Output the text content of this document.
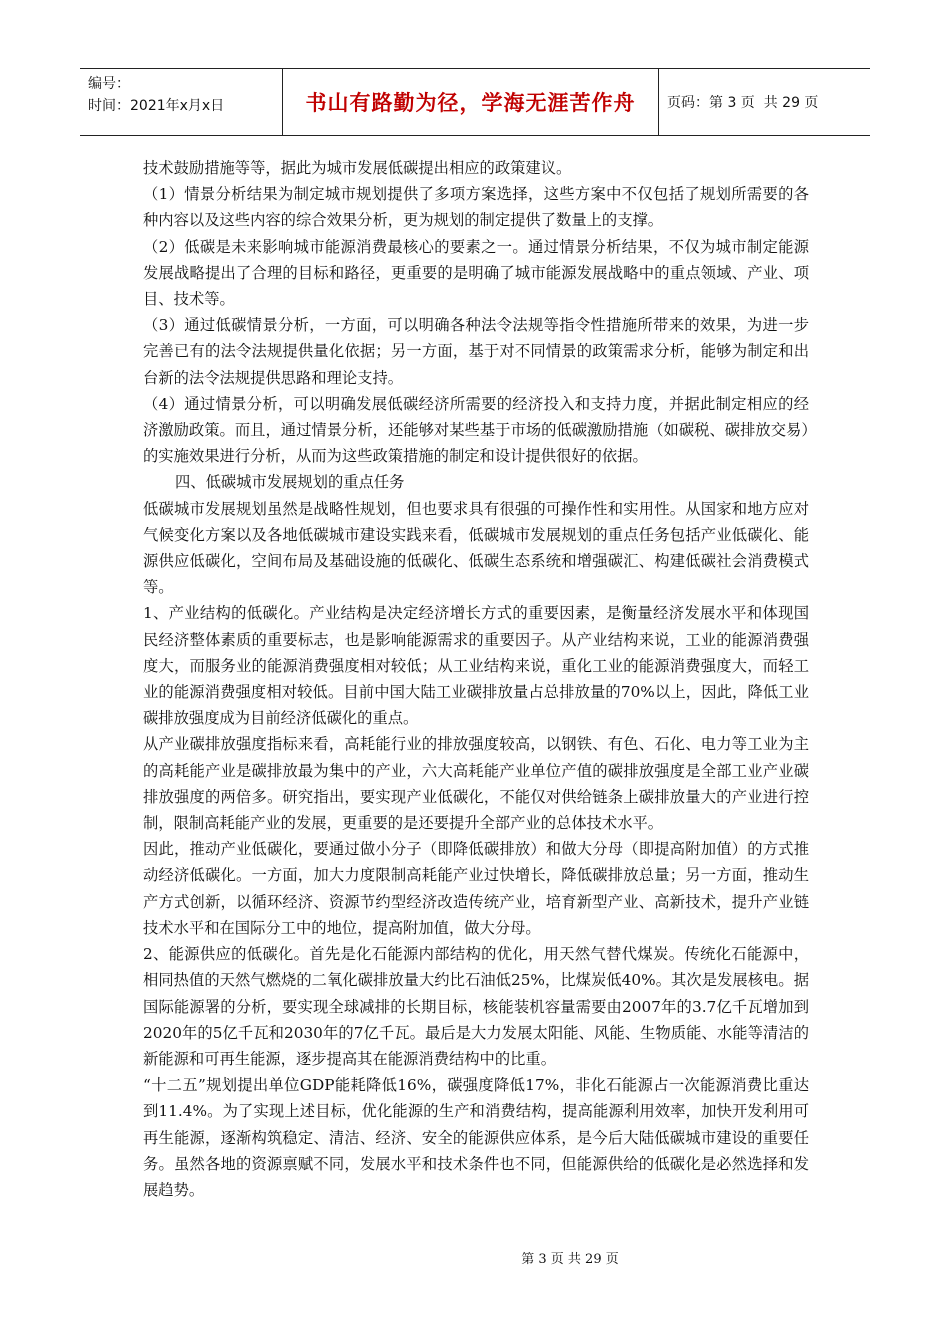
编号：
时间：2021年x月x日	书山有路勤为径，学海无涯苦作舟	页码：第 3 页  共 29 页

技术鼓励措施等等，据此为城市发展低碳提出相应的政策建议。

（1）情景分析结果为制定城市规划提供了多项方案选择，这些方案中不仅包括了规划所需要的各种内容以及这些内容的综合效果分析，更为规划的制定提供了数量上的支撑。

（2）低碳是未来影响城市能源消费最核心的要素之一。通过情景分析结果，不仅为城市制定能源发展战略提出了合理的目标和路径，更重要的是明确了城市能源发展战略中的重点领域、产业、项目、技术等。

（3）通过低碳情景分析，一方面，可以明确各种法令法规等指令性措施所带来的效果，为进一步完善已有的法令法规提供量化依据；另一方面，基于对不同情景的政策需求分析，能够为制定和出台新的法令法规提供思路和理论支持。

（4）通过情景分析，可以明确发展低碳经济所需要的经济投入和支持力度，并据此制定相应的经济激励政策。而且，通过情景分析，还能够对某些基于市场的低碳激励措施（如碳税、碳排放交易）的实施效果进行分析，从而为这些政策措施的制定和设计提供很好的依据。

四、低碳城市发展规划的重点任务

低碳城市发展规划虽然是战略性规划，但也要求具有很强的可操作性和实用性。从国家和地方应对气候变化方案以及各地低碳城市建设实践来看，低碳城市发展规划的重点任务包括产业低碳化、能源供应低碳化，空间布局及基础设施的低碳化、低碳生态系统和增强碳汇、构建低碳社会消费模式等。

1、产业结构的低碳化。产业结构是决定经济增长方式的重要因素，是衡量经济发展水平和体现国民经济整体素质的重要标志，也是影响能源需求的重要因子。从产业结构来说，工业的能源消费强度大，而服务业的能源消费强度相对较低；从工业结构来说，重化工业的能源消费强度大，而轻工业的能源消费强度相对较低。目前中国大陆工业碳排放量占总排放量的70%以上，因此，降低工业碳排放强度成为目前经济低碳化的重点。

从产业碳排放强度指标来看，高耗能行业的排放强度较高，以钢铁、有色、石化、电力等工业为主的高耗能产业是碳排放最为集中的产业，六大高耗能产业单位产值的碳排放强度是全部工业产业碳排放强度的两倍多。研究指出，要实现产业低碳化，不能仅对供给链条上碳排放量大的产业进行控制，限制高耗能产业的发展，更重要的是还要提升全部产业的总体技术水平。

因此，推动产业低碳化，要通过做小分子（即降低碳排放）和做大分母（即提高附加值）的方式推动经济低碳化。一方面，加大力度限制高耗能产业过快增长，降低碳排放总量；另一方面，推动生产方式创新，以循环经济、资源节约型经济改造传统产业，培育新型产业、高新技术，提升产业链技术水平和在国际分工中的地位，提高附加值，做大分母。

2、能源供应的低碳化。首先是化石能源内部结构的优化，用天然气替代煤炭。传统化石能源中，相同热值的天然气燃烧的二氧化碳排放量大约比石油低25%，比煤炭低40%。其次是发展核电。据国际能源署的分析，要实现全球减排的长期目标，核能装机容量需要由2007年的3.7亿千瓦增加到2020年的5亿千瓦和2030年的7亿千瓦。最后是大力发展太阳能、风能、生物质能、水能等清洁的新能源和可再生能源，逐步提高其在能源消费结构中的比重。

“十二五”规划提出单位GDP能耗降低16%，碳强度降低17%，非化石能源占一次能源消费比重达到11.4%。为了实现上述目标，优化能源的生产和消费结构，提高能源利用效率，加快开发利用可再生能源，逐渐构筑稳定、清洁、经济、安全的能源供应体系，是今后大陆低碳城市建设的重要任务。虽然各地的资源禀赋不同，发展水平和技术条件也不同，但能源供给的低碳化是必然选择和发展趋势。

第 3 页 共 29 页
